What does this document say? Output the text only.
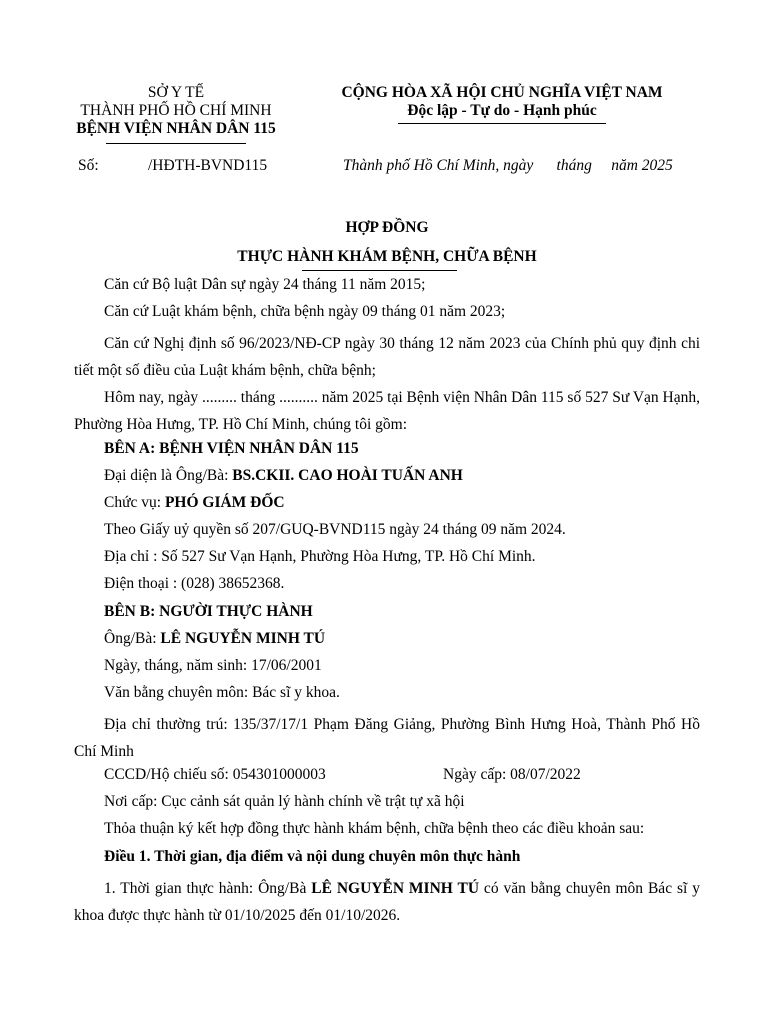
SỞ Y TẾ
THÀNH PHỐ HỒ CHÍ MINH
BỆNH VIỆN NHÂN DÂN 115
CỘNG HÒA XÃ HỘI CHỦ NGHĨA VIỆT NAM
Độc lập - Tự do - Hạnh phúc
Số:	/HĐTH-BVND115	Thành phố Hồ Chí Minh, ngày      tháng     năm 2025
HỢP ĐỒNG
THỰC HÀNH KHÁM BỆNH, CHỮA BỆNH
Căn cứ Bộ luật Dân sự ngày 24 tháng 11 năm 2015;
Căn cứ Luật khám bệnh, chữa bệnh ngày 09 tháng 01 năm 2023;
Căn cứ Nghị định số 96/2023/NĐ-CP ngày 30 tháng 12 năm 2023 của Chính phủ quy định chi tiết một số điều của Luật khám bệnh, chữa bệnh;
Hôm nay, ngày ......... tháng .......... năm 2025 tại Bệnh viện Nhân Dân 115 số 527 Sư Vạn Hạnh, Phường Hòa Hưng, TP. Hồ Chí Minh, chúng tôi gồm:
BÊN A: BỆNH VIỆN NHÂN DÂN 115
Đại diện là Ông/Bà: BS.CKII. CAO HOÀI TUẤN ANH
Chức vụ: PHÓ GIÁM ĐỐC
Theo Giấy uỷ quyền số 207/GUQ-BVND115 ngày 24 tháng 09 năm 2024.
Địa chỉ : Số 527 Sư Vạn Hạnh, Phường Hòa Hưng, TP. Hồ Chí Minh.
Điện thoại : (028) 38652368.
BÊN B: NGƯỜI THỰC HÀNH
Ông/Bà: LÊ NGUYỄN MINH TÚ
Ngày, tháng, năm sinh: 17/06/2001
Văn bằng chuyên môn: Bác sĩ y khoa.
Địa chỉ thường trú: 135/37/17/1 Phạm Đăng Giảng, Phường Bình Hưng Hoà, Thành Phố Hồ Chí Minh
CCCD/Hộ chiếu số: 054301000003	Ngày cấp: 08/07/2022
Nơi cấp: Cục cảnh sát quản lý hành chính về trật tự xã hội
Thỏa thuận ký kết hợp đồng thực hành khám bệnh, chữa bệnh theo các điều khoản sau:
Điều 1. Thời gian, địa điểm và nội dung chuyên môn thực hành
1. Thời gian thực hành: Ông/Bà LÊ NGUYỄN MINH TÚ có văn bằng chuyên môn Bác sĩ y khoa được thực hành từ 01/10/2025 đến 01/10/2026.
